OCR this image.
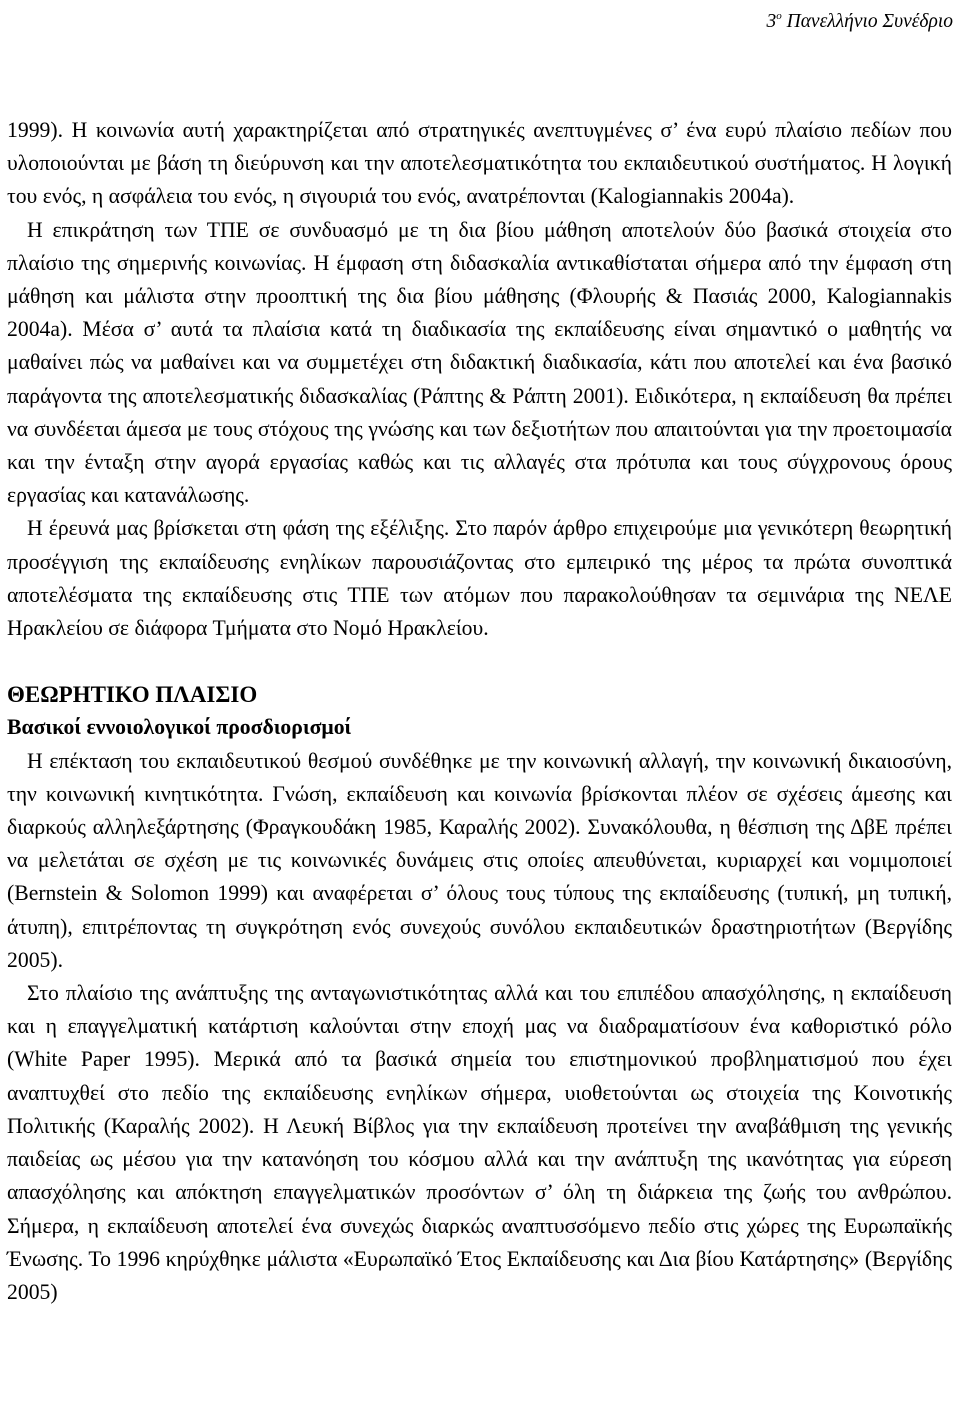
$3^o$ Πανελλήνιο Συνέδριο

1999). Η κοινωνία αυτή χαρακτηρίζεται από στρατηγικές ανεπτυγμένες σ’ ένα ευρύ πλαίσιο πεδίων που υλοποιούνται με βάση τη διεύρυνση και την αποτελεσματικότητα του εκπαιδευτικού συστήματος. Η λογική του ενός, η ασφάλεια του ενός, η σιγουριά του ενός, ανατρέπονται (Kalogiannakis 2004a).

Η επικράτηση των ΤΠΕ σε συνδυασμό με τη δια βίου μάθηση αποτελούν δύο βασικά στοιχεία στο πλαίσιο της σημερινής κοινωνίας. Η έμφαση στη διδασκαλία αντικαθίσταται σήμερα από την έμφαση στη μάθηση και μάλιστα στην προοπτική της δια βίου μάθησης (Φλουρής & Πασιάς 2000, Kalogiannakis 2004a). Μέσα σ’ αυτά τα πλαίσια κατά τη διαδικασία της εκπαίδευσης είναι σημαντικό ο μαθητής να μαθαίνει πώς να μαθαίνει και να συμμετέχει στη διδακτική διαδικασία, κάτι που αποτελεί και ένα βασικό παράγοντα της αποτελεσματικής διδασκαλίας (Ράπτης & Ράπτη 2001). Ειδικότερα, η εκπαίδευση θα πρέπει να συνδέεται άμεσα με τους στόχους της γνώσης και των δεξιοτήτων που απαιτούνται για την προετοιμασία και την ένταξη στην αγορά εργασίας καθώς και τις αλλαγές στα πρότυπα και τους σύγχρονους όρους εργασίας και κατανάλωσης.

Η έρευνά μας βρίσκεται στη φάση της εξέλιξης. Στο παρόν άρθρο επιχειρούμε μια γενικότερη θεωρητική προσέγγιση της εκπαίδευσης ενηλίκων παρουσιάζοντας στο εμπειρικό της μέρος τα πρώτα συνοπτικά αποτελέσματα της εκπαίδευσης στις ΤΠΕ των ατόμων που παρακολούθησαν τα σεμινάρια της ΝΕΛΕ Ηρακλείου σε διάφορα Τμήματα στο Νομό Ηρακλείου.

ΘΕΩΡΗΤΙΚΟ ΠΛΑΙΣΙΟ
Βασικοί εννοιολογικοί προσδιορισμοί

Η επέκταση του εκπαιδευτικού θεσμού συνδέθηκε με την κοινωνική αλλαγή, την κοινωνική δικαιοσύνη, την κοινωνική κινητικότητα. Γνώση, εκπαίδευση και κοινωνία βρίσκονται πλέον σε σχέσεις άμεσης και διαρκούς αλληλεξάρτησης (Φραγκουδάκη 1985, Καραλής 2002). Συνακόλουθα, η θέσπιση της ΔβΕ πρέπει να μελετάται σε σχέση με τις κοινωνικές δυνάμεις στις οποίες απευθύνεται, κυριαρχεί και νομιμοποιεί (Bernstein & Solomon 1999) και αναφέρεται σ’ όλους τους τύπους της εκπαίδευσης (τυπική, μη τυπική, άτυπη), επιτρέποντας τη συγκρότηση ενός συνεχούς συνόλου εκπαιδευτικών δραστηριοτήτων (Βεργίδης 2005).

Στο πλαίσιο της ανάπτυξης της ανταγωνιστικότητας αλλά και του επιπέδου απασχόλησης, η εκπαίδευση και η επαγγελματική κατάρτιση καλούνται στην εποχή μας να διαδραματίσουν ένα καθοριστικό ρόλο (White Paper 1995). Μερικά από τα βασικά σημεία του επιστημονικού προβληματισμού που έχει αναπτυχθεί στο πεδίο της εκπαίδευσης ενηλίκων σήμερα, υιοθετούνται ως στοιχεία της Κοινοτικής Πολιτικής (Καραλής 2002). Η Λευκή Βίβλος για την εκπαίδευση προτείνει την αναβάθμιση της γενικής παιδείας ως μέσου για την κατανόηση του κόσμου αλλά και την ανάπτυξη της ικανότητας για εύρεση απασχόλησης και απόκτηση επαγγελματικών προσόντων σ’ όλη τη διάρκεια της ζωής του ανθρώπου. Σήμερα, η εκπαίδευση αποτελεί ένα συνεχώς διαρκώς αναπτυσσόμενο πεδίο στις χώρες της Ευρωπαϊκής Ένωσης. Το 1996 κηρύχθηκε μάλιστα «Ευρωπαϊκό Έτος Εκπαίδευσης και Δια βίου Κατάρτησης» (Βεργίδης 2005)
